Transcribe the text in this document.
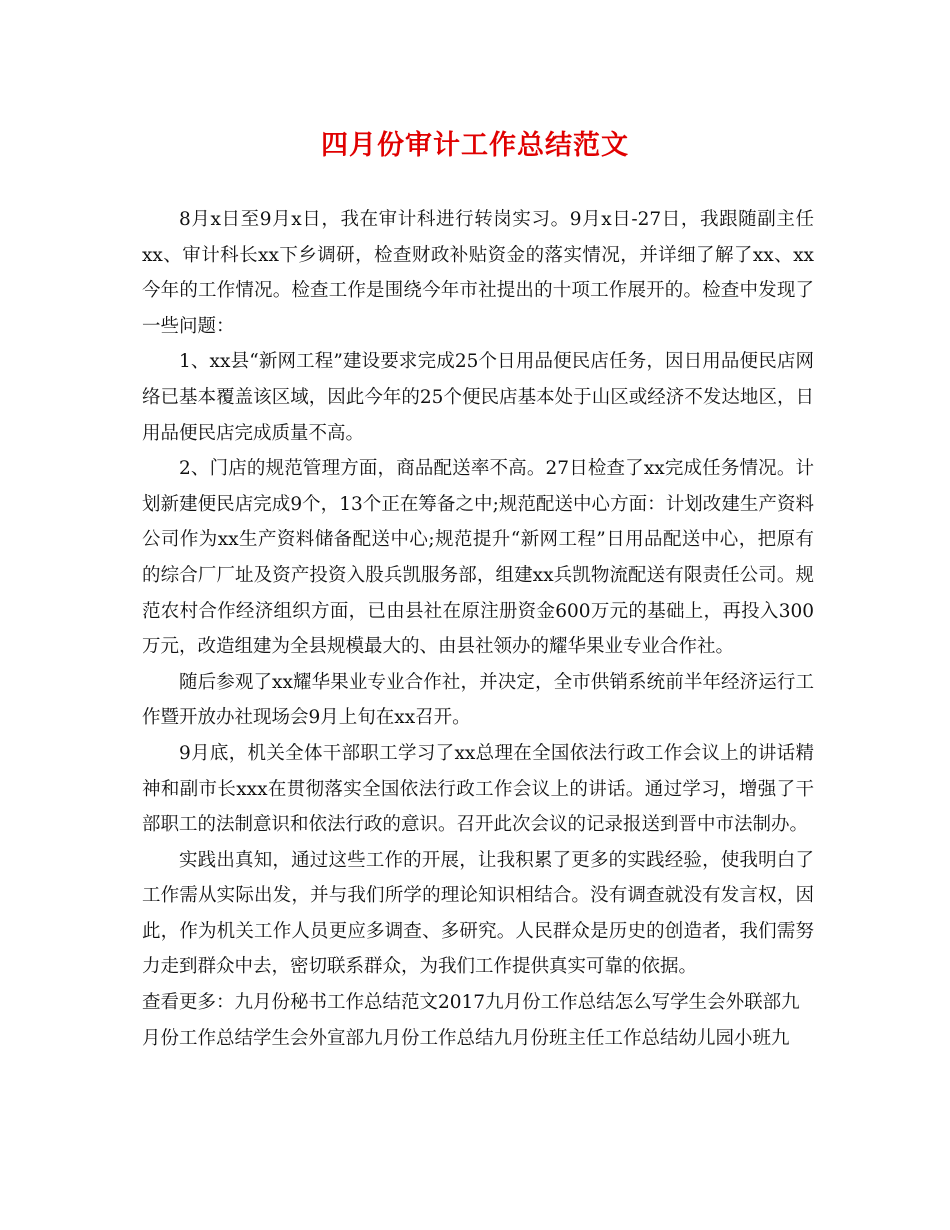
四月份审计工作总结范文

8月x日至9月x日，我在审计科进行转岗实习。9月x日-27日，我跟随副主任xx、审计科长xx下乡调研，检查财政补贴资金的落实情况，并详细了解了xx、xx今年的工作情况。检查工作是围绕今年市社提出的十项工作展开的。检查中发现了一些问题：

1、xx县“新网工程”建设要求完成25个日用品便民店任务，因日用品便民店网络已基本覆盖该区域，因此今年的25个便民店基本处于山区或经济不发达地区，日用品便民店完成质量不高。

2、门店的规范管理方面，商品配送率不高。27日检查了xx完成任务情况。计划新建便民店完成9个，13个正在筹备之中;规范配送中心方面：计划改建生产资料公司作为xx生产资料储备配送中心;规范提升“新网工程”日用品配送中心，把原有的综合厂厂址及资产投资入股兵凯服务部，组建xx兵凯物流配送有限责任公司。规范农村合作经济组织方面，已由县社在原注册资金600万元的基础上，再投入300万元，改造组建为全县规模最大的、由县社领办的耀华果业专业合作社。

随后参观了xx耀华果业专业合作社，并决定，全市供销系统前半年经济运行工作暨开放办社现场会9月上旬在xx召开。

9月底，机关全体干部职工学习了xx总理在全国依法行政工作会议上的讲话精神和副市长xxx在贯彻落实全国依法行政工作会议上的讲话。通过学习，增强了干部职工的法制意识和依法行政的意识。召开此次会议的记录报送到晋中市法制办。

实践出真知，通过这些工作的开展，让我积累了更多的实践经验，使我明白了工作需从实际出发，并与我们所学的理论知识相结合。没有调查就没有发言权，因此，作为机关工作人员更应多调查、多研究。人民群众是历史的创造者，我们需努力走到群众中去，密切联系群众，为我们工作提供真实可靠的依据。

查看更多：九月份秘书工作总结范文2017九月份工作总结怎么写学生会外联部九月份工作总结学生会外宣部九月份工作总结九月份班主任工作总结幼儿园小班九
